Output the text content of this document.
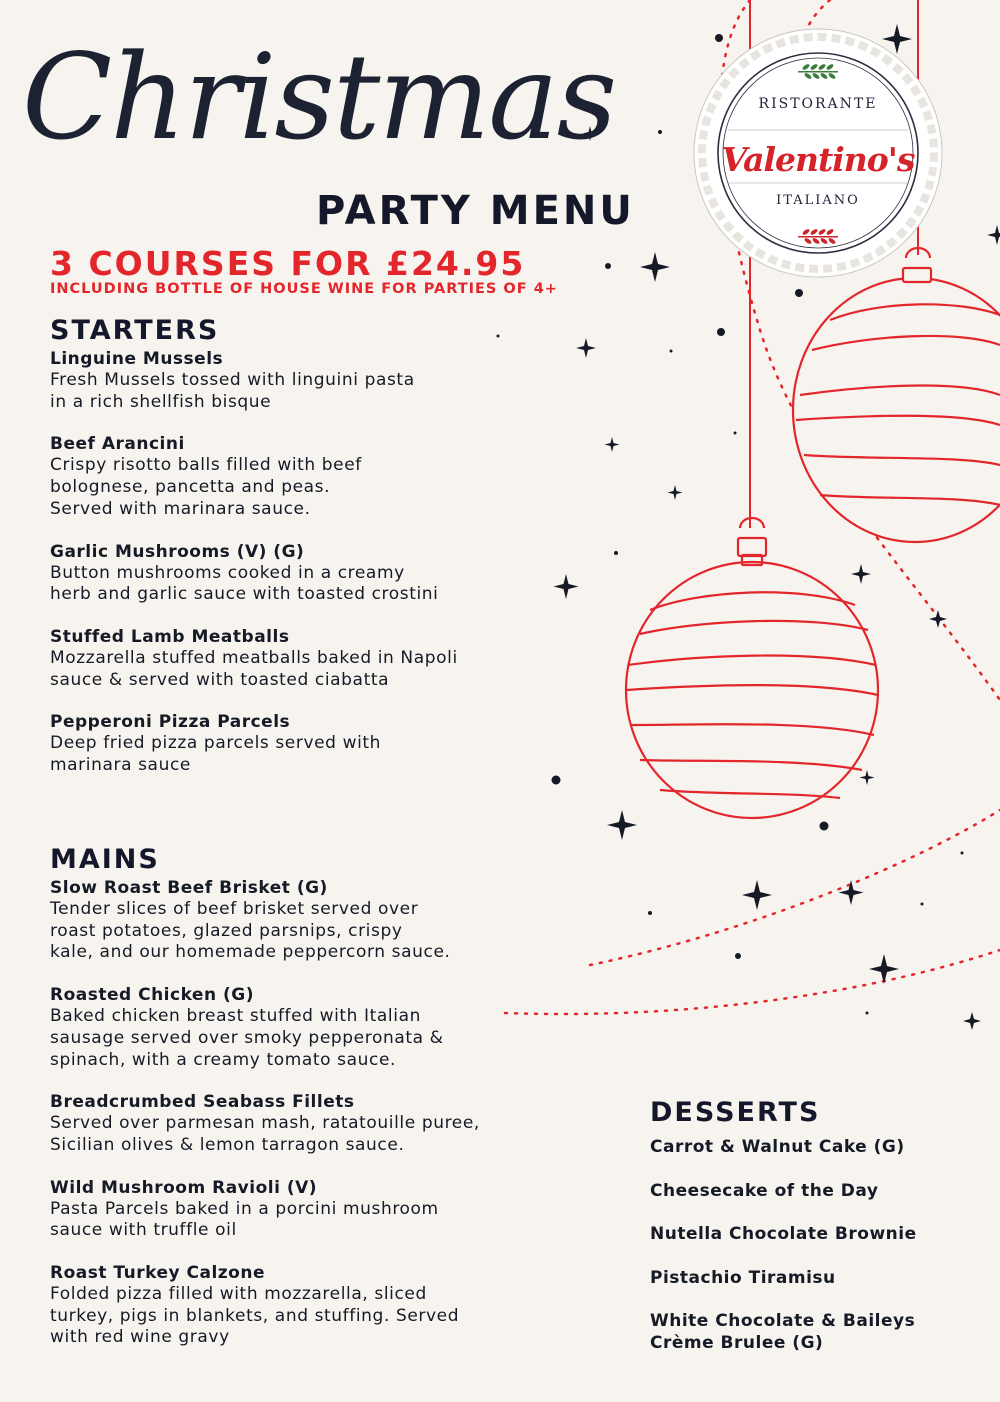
Christmas
PARTY MENU

3 COURSES FOR £24.95

INCLUDING BOTTLE OF HOUSE WINE FOR PARTIES OF 4+

RISTORANTE
Valentino's
ITALIANO
STARTERS
Linguine Mussels
Fresh Mussels tossed with linguini pasta
in a rich shellfish bisque
Beef Arancini
Crispy risotto balls filled with beef
bolognese, pancetta and peas.
Served with marinara sauce.
Garlic Mushrooms (V) (G)
Button mushrooms cooked in a creamy
herb and garlic sauce with toasted crostini
Stuffed Lamb Meatballs
Mozzarella stuffed meatballs baked in Napoli
sauce & served with toasted ciabatta
Pepperoni Pizza Parcels
Deep fried pizza parcels served with
marinara sauce
MAINS
Slow Roast Beef Brisket (G)
Tender slices of beef brisket served over
roast potatoes, glazed parsnips, crispy
kale, and our homemade peppercorn sauce.
Roasted Chicken (G)
Baked chicken breast stuffed with Italian
sausage served over smoky pepperonata &
spinach, with a creamy tomato sauce.
Breadcrumbed Seabass Fillets
Served over parmesan mash, ratatouille puree,
Sicilian olives & lemon tarragon sauce.
Wild Mushroom Ravioli (V)
Pasta Parcels baked in a porcini mushroom
sauce with truffle oil
Roast Turkey Calzone
Folded pizza filled with mozzarella, sliced
turkey, pigs in blankets, and stuffing. Served
with red wine gravy
DESSERTS
Carrot & Walnut Cake (G)
Cheesecake of the Day
Nutella Chocolate Brownie
Pistachio Tiramisu
White Chocolate & Baileys
Crème Brulee (G)
